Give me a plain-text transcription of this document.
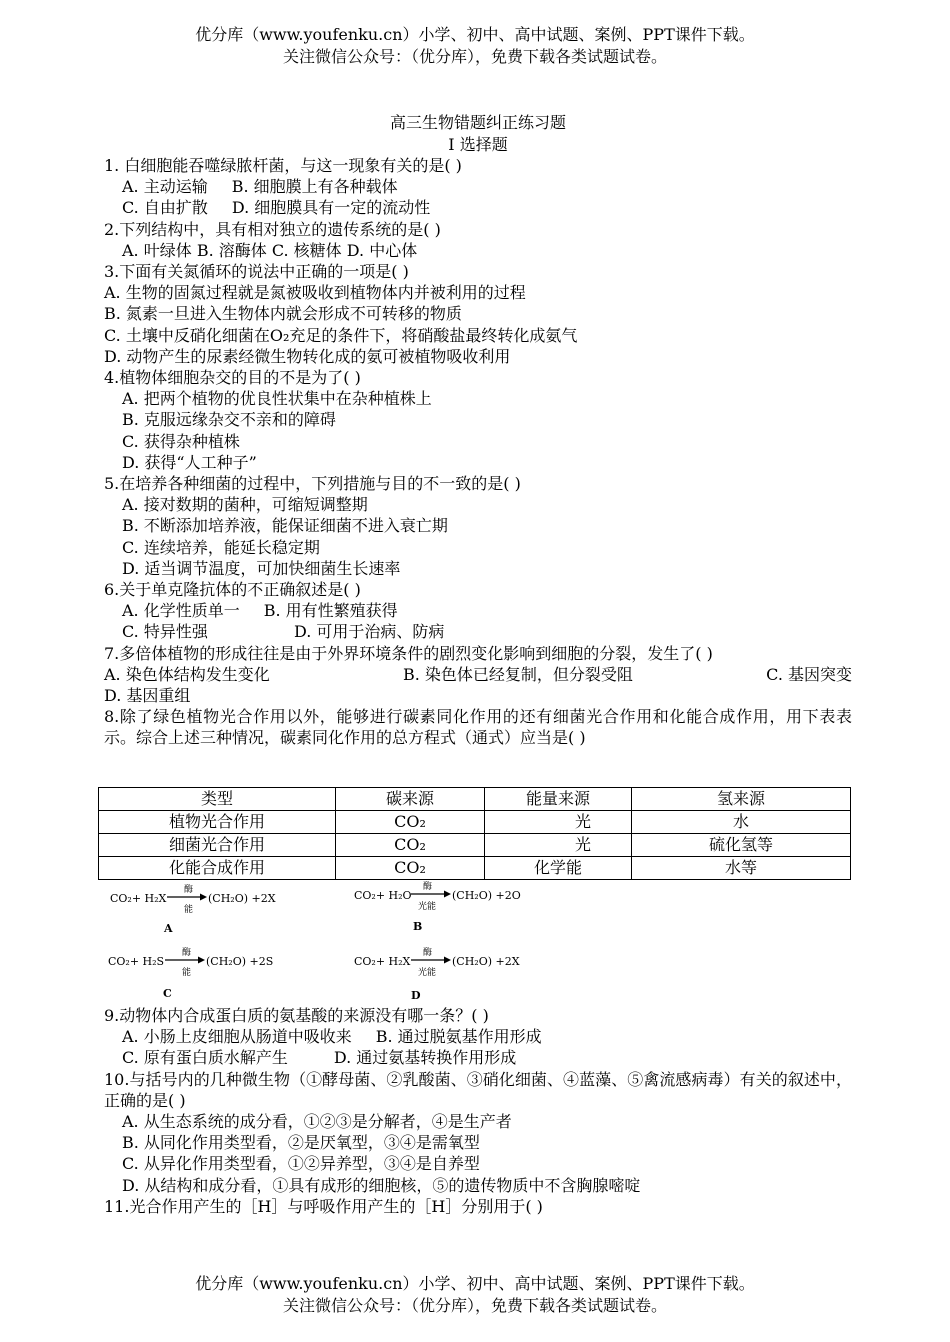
优分库（www.youfenku.cn）小学、初中、高中试题、案例、PPT课件下载。
关注微信公众号：（优分库），免费下载各类试题试卷。
高三生物错题纠正练习题
Ⅰ 选择题
1. 白细胞能吞噬绿脓杆菌，与这一现象有关的是( )
A. 主动运输 B. 细胞膜上有各种载体
C. 自由扩散 D. 细胞膜具有一定的流动性
2.下列结构中，具有相对独立的遗传系统的是( )
A. 叶绿体 B. 溶酶体 C. 核糖体 D. 中心体
3.下面有关氮循环的说法中正确的一项是( )
A. 生物的固氮过程就是氮被吸收到植物体内并被利用的过程
B. 氮素一旦进入生物体内就会形成不可转移的物质
C. 土壤中反硝化细菌在O₂充足的条件下，将硝酸盐最终转化成氨气
D. 动物产生的尿素经微生物转化成的氨可被植物吸收利用
4.植物体细胞杂交的目的不是为了( )
A. 把两个植物的优良性状集中在杂种植株上
B. 克服远缘杂交不亲和的障碍
C. 获得杂种植株
D. 获得“人工种子”
5.在培养各种细菌的过程中，下列措施与目的不一致的是( )
A. 接对数期的菌种，可缩短调整期
B. 不断添加培养液，能保证细菌不进入衰亡期
C. 连续培养，能延长稳定期
D. 适当调节温度，可加快细菌生长速率
6.关于单克隆抗体的不正确叙述是( )
A. 化学性质单一 B. 用有性繁殖获得
C. 特异性强	D. 可用于治病、防病
7.多倍体植物的形成往往是由于外界环境条件的剧烈变化影响到细胞的分裂，发生了( )
A. 染色体结构发生变化	B. 染色体已经复制，但分裂受阻	C. 基因突变
D. 基因重组
8.除了绿色植物光合作用以外，能够进行碳素同化作用的还有细菌光合作用和化能合成作用，用下表表示。综合上述三种情况，碳素同化作用的总方程式（通式）应当是( )
类型	碳来源	能量来源	氢来源
植物光合作用	CO₂	光	水
细菌光合作用	CO₂	光	硫化氢等
化能合成作用	CO₂	化学能	水等
CO₂+ H₂X
酶
能
(CH₂O) +2X
A
CO₂+ H₂O
酶
光能
(CH₂O) +2O
B
CO₂+ H₂S
酶
能
(CH₂O) +2S
C
CO₂+ H₂X
酶
光能
(CH₂O) +2X
D
9.动物体内合成蛋白质的氨基酸的来源没有哪一条？( )
A. 小肠上皮细胞从肠道中吸收来 B. 通过脱氨基作用形成
C. 原有蛋白质水解产生	D. 通过氨基转换作用形成
10.与括号内的几种微生物（①酵母菌、②乳酸菌、③硝化细菌、④蓝藻、⑤禽流感病毒）有关的叙述中，正确的是( )
A. 从生态系统的成分看，①②③是分解者，④是生产者
B. 从同化作用类型看，②是厌氧型，③④是需氧型
C. 从异化作用类型看，①②异养型，③④是自养型
D. 从结构和成分看，①具有成形的细胞核，⑤的遗传物质中不含胸腺嘧啶
11.光合作用产生的［H］与呼吸作用产生的［H］分别用于( )
优分库（www.youfenku.cn）小学、初中、高中试题、案例、PPT课件下载。
关注微信公众号：（优分库），免费下载各类试题试卷。
